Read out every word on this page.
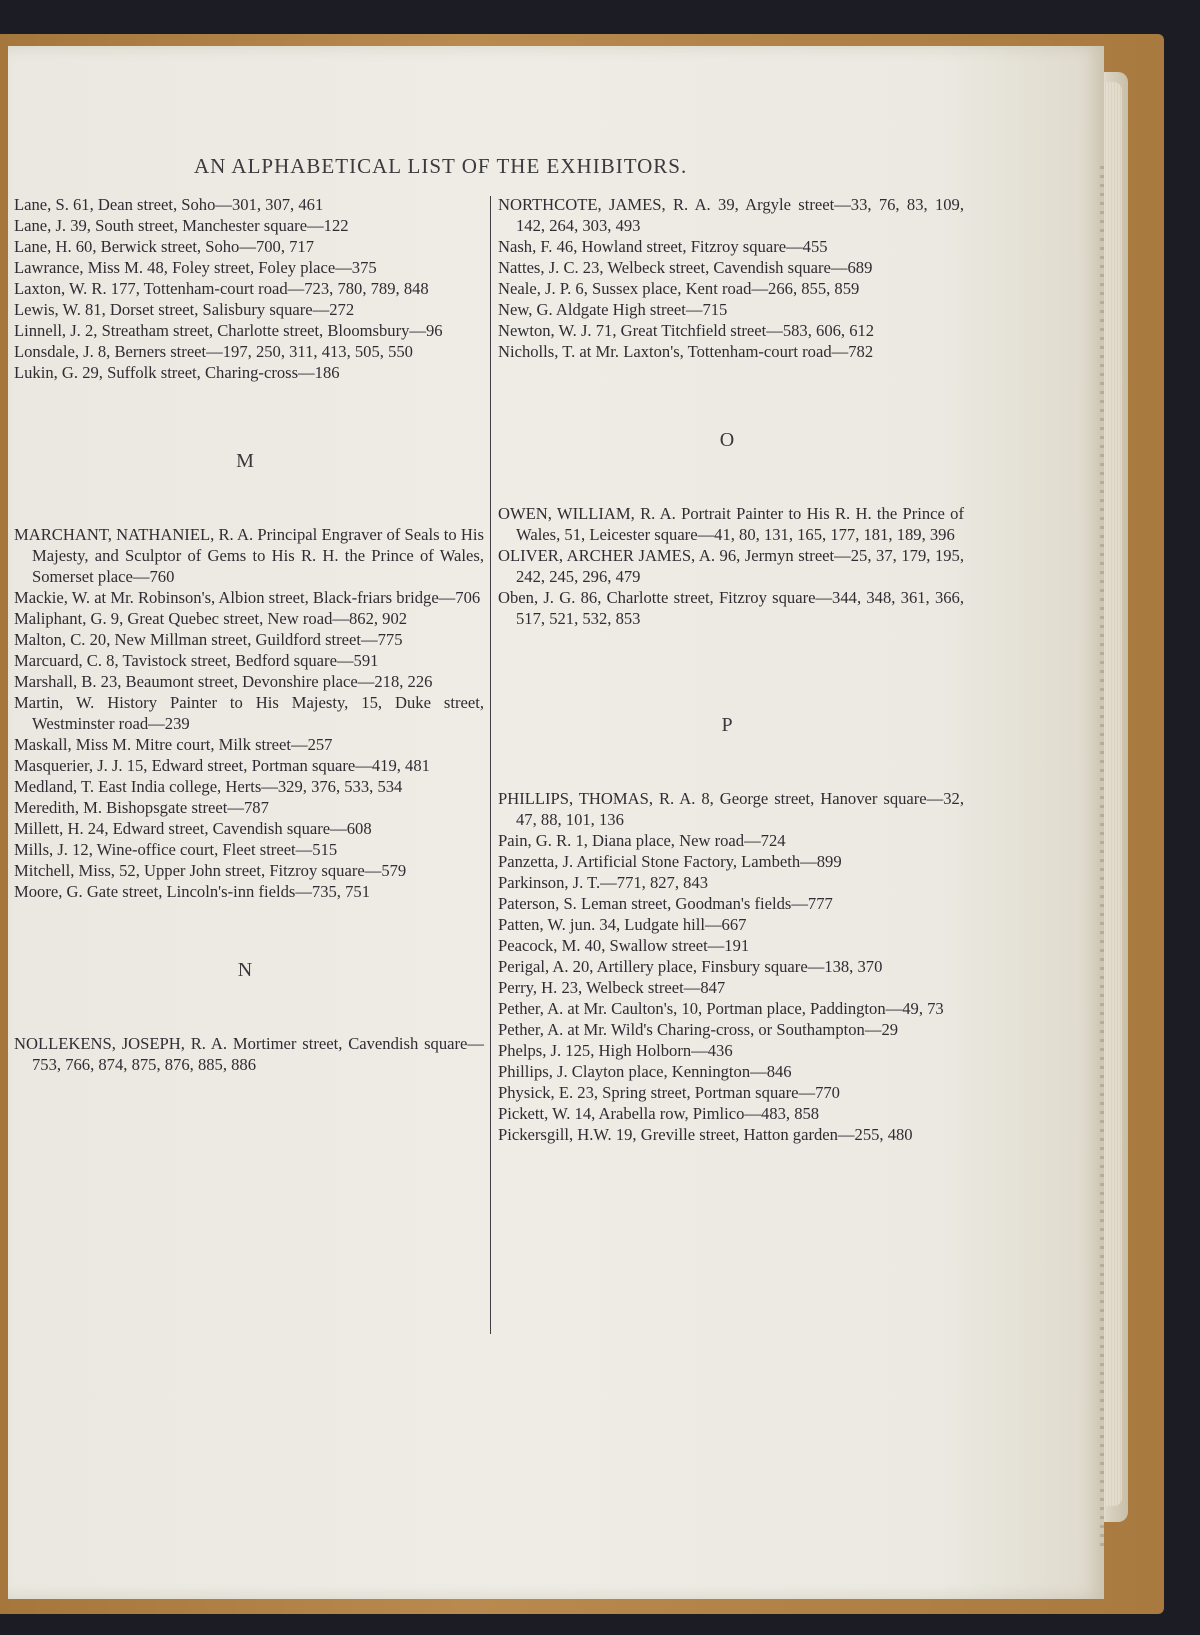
AN ALPHABETICAL LIST OF THE EXHIBITORS.
Lane, S. 61, Dean street, Soho—301, 307, 461
Lane, J. 39, South street, Manchester square—122
Lane, H. 60, Berwick street, Soho—700, 717
Lawrance, Miss M. 48, Foley street, Foley place—375
Laxton, W. R. 177, Tottenham-court road—723, 780, 789, 848
Lewis, W. 81, Dorset street, Salisbury square—272
Linnell, J. 2, Streatham street, Charlotte street, Bloomsbury—96
Lonsdale, J. 8, Berners street—197, 250, 311, 413, 505, 550
Lukin, G. 29, Suffolk street, Charing-cross—186
M
MARCHANT, NATHANIEL, R. A. Principal Engraver of Seals to His Majesty, and Sculptor of Gems to His R. H. the Prince of Wales, Somerset place—760
Mackie, W. at Mr. Robinson's, Albion street, Black-friars bridge—706
Maliphant, G. 9, Great Quebec street, New road—862, 902
Malton, C. 20, New Millman street, Guildford street—775
Marcuard, C. 8, Tavistock street, Bedford square—591
Marshall, B. 23, Beaumont street, Devonshire place—218, 226
Martin, W. History Painter to His Majesty, 15, Duke street, Westminster road—239
Maskall, Miss M. Mitre court, Milk street—257
Masquerier, J. J. 15, Edward street, Portman square—419, 481
Medland, T. East India college, Herts—329, 376, 533, 534
Meredith, M. Bishopsgate street—787
Millett, H. 24, Edward street, Cavendish square—608
Mills, J. 12, Wine-office court, Fleet street—515
Mitchell, Miss, 52, Upper John street, Fitzroy square—579
Moore, G. Gate street, Lincoln's-inn fields—735, 751
N
NOLLEKENS, JOSEPH, R. A. Mortimer street, Cavendish square—753, 766, 874, 875, 876, 885, 886
NORTHCOTE, JAMES, R. A. 39, Argyle street—33, 76, 83, 109, 142, 264, 303, 493
Nash, F. 46, Howland street, Fitzroy square—455
Nattes, J. C. 23, Welbeck street, Cavendish square—689
Neale, J. P. 6, Sussex place, Kent road—266, 855, 859
New, G. Aldgate High street—715
Newton, W. J. 71, Great Titchfield street—583, 606, 612
Nicholls, T. at Mr. Laxton's, Tottenham-court road—782
O
OWEN, WILLIAM, R. A. Portrait Painter to His R. H. the Prince of Wales, 51, Leicester square—41, 80, 131, 165, 177, 181, 189, 396
OLIVER, ARCHER JAMES, A. 96, Jermyn street—25, 37, 179, 195, 242, 245, 296, 479
Oben, J. G. 86, Charlotte street, Fitzroy square—344, 348, 361, 366, 517, 521, 532, 853
P
PHILLIPS, THOMAS, R. A. 8, George street, Hanover square—32, 47, 88, 101, 136
Pain, G. R. 1, Diana place, New road—724
Panzetta, J. Artificial Stone Factory, Lambeth—899
Parkinson, J. T.—771, 827, 843
Paterson, S. Leman street, Goodman's fields—777
Patten, W. jun. 34, Ludgate hill—667
Peacock, M. 40, Swallow street—191
Perigal, A. 20, Artillery place, Finsbury square—138, 370
Perry, H. 23, Welbeck street—847
Pether, A. at Mr. Caulton's, 10, Portman place, Paddington—49, 73
Pether, A. at Mr. Wild's Charing-cross, or Southampton—29
Phelps, J. 125, High Holborn—436
Phillips, J. Clayton place, Kennington—846
Physick, E. 23, Spring street, Portman square—770
Pickett, W. 14, Arabella row, Pimlico—483, 858
Pickersgill, H.W. 19, Greville street, Hatton garden—255, 480
